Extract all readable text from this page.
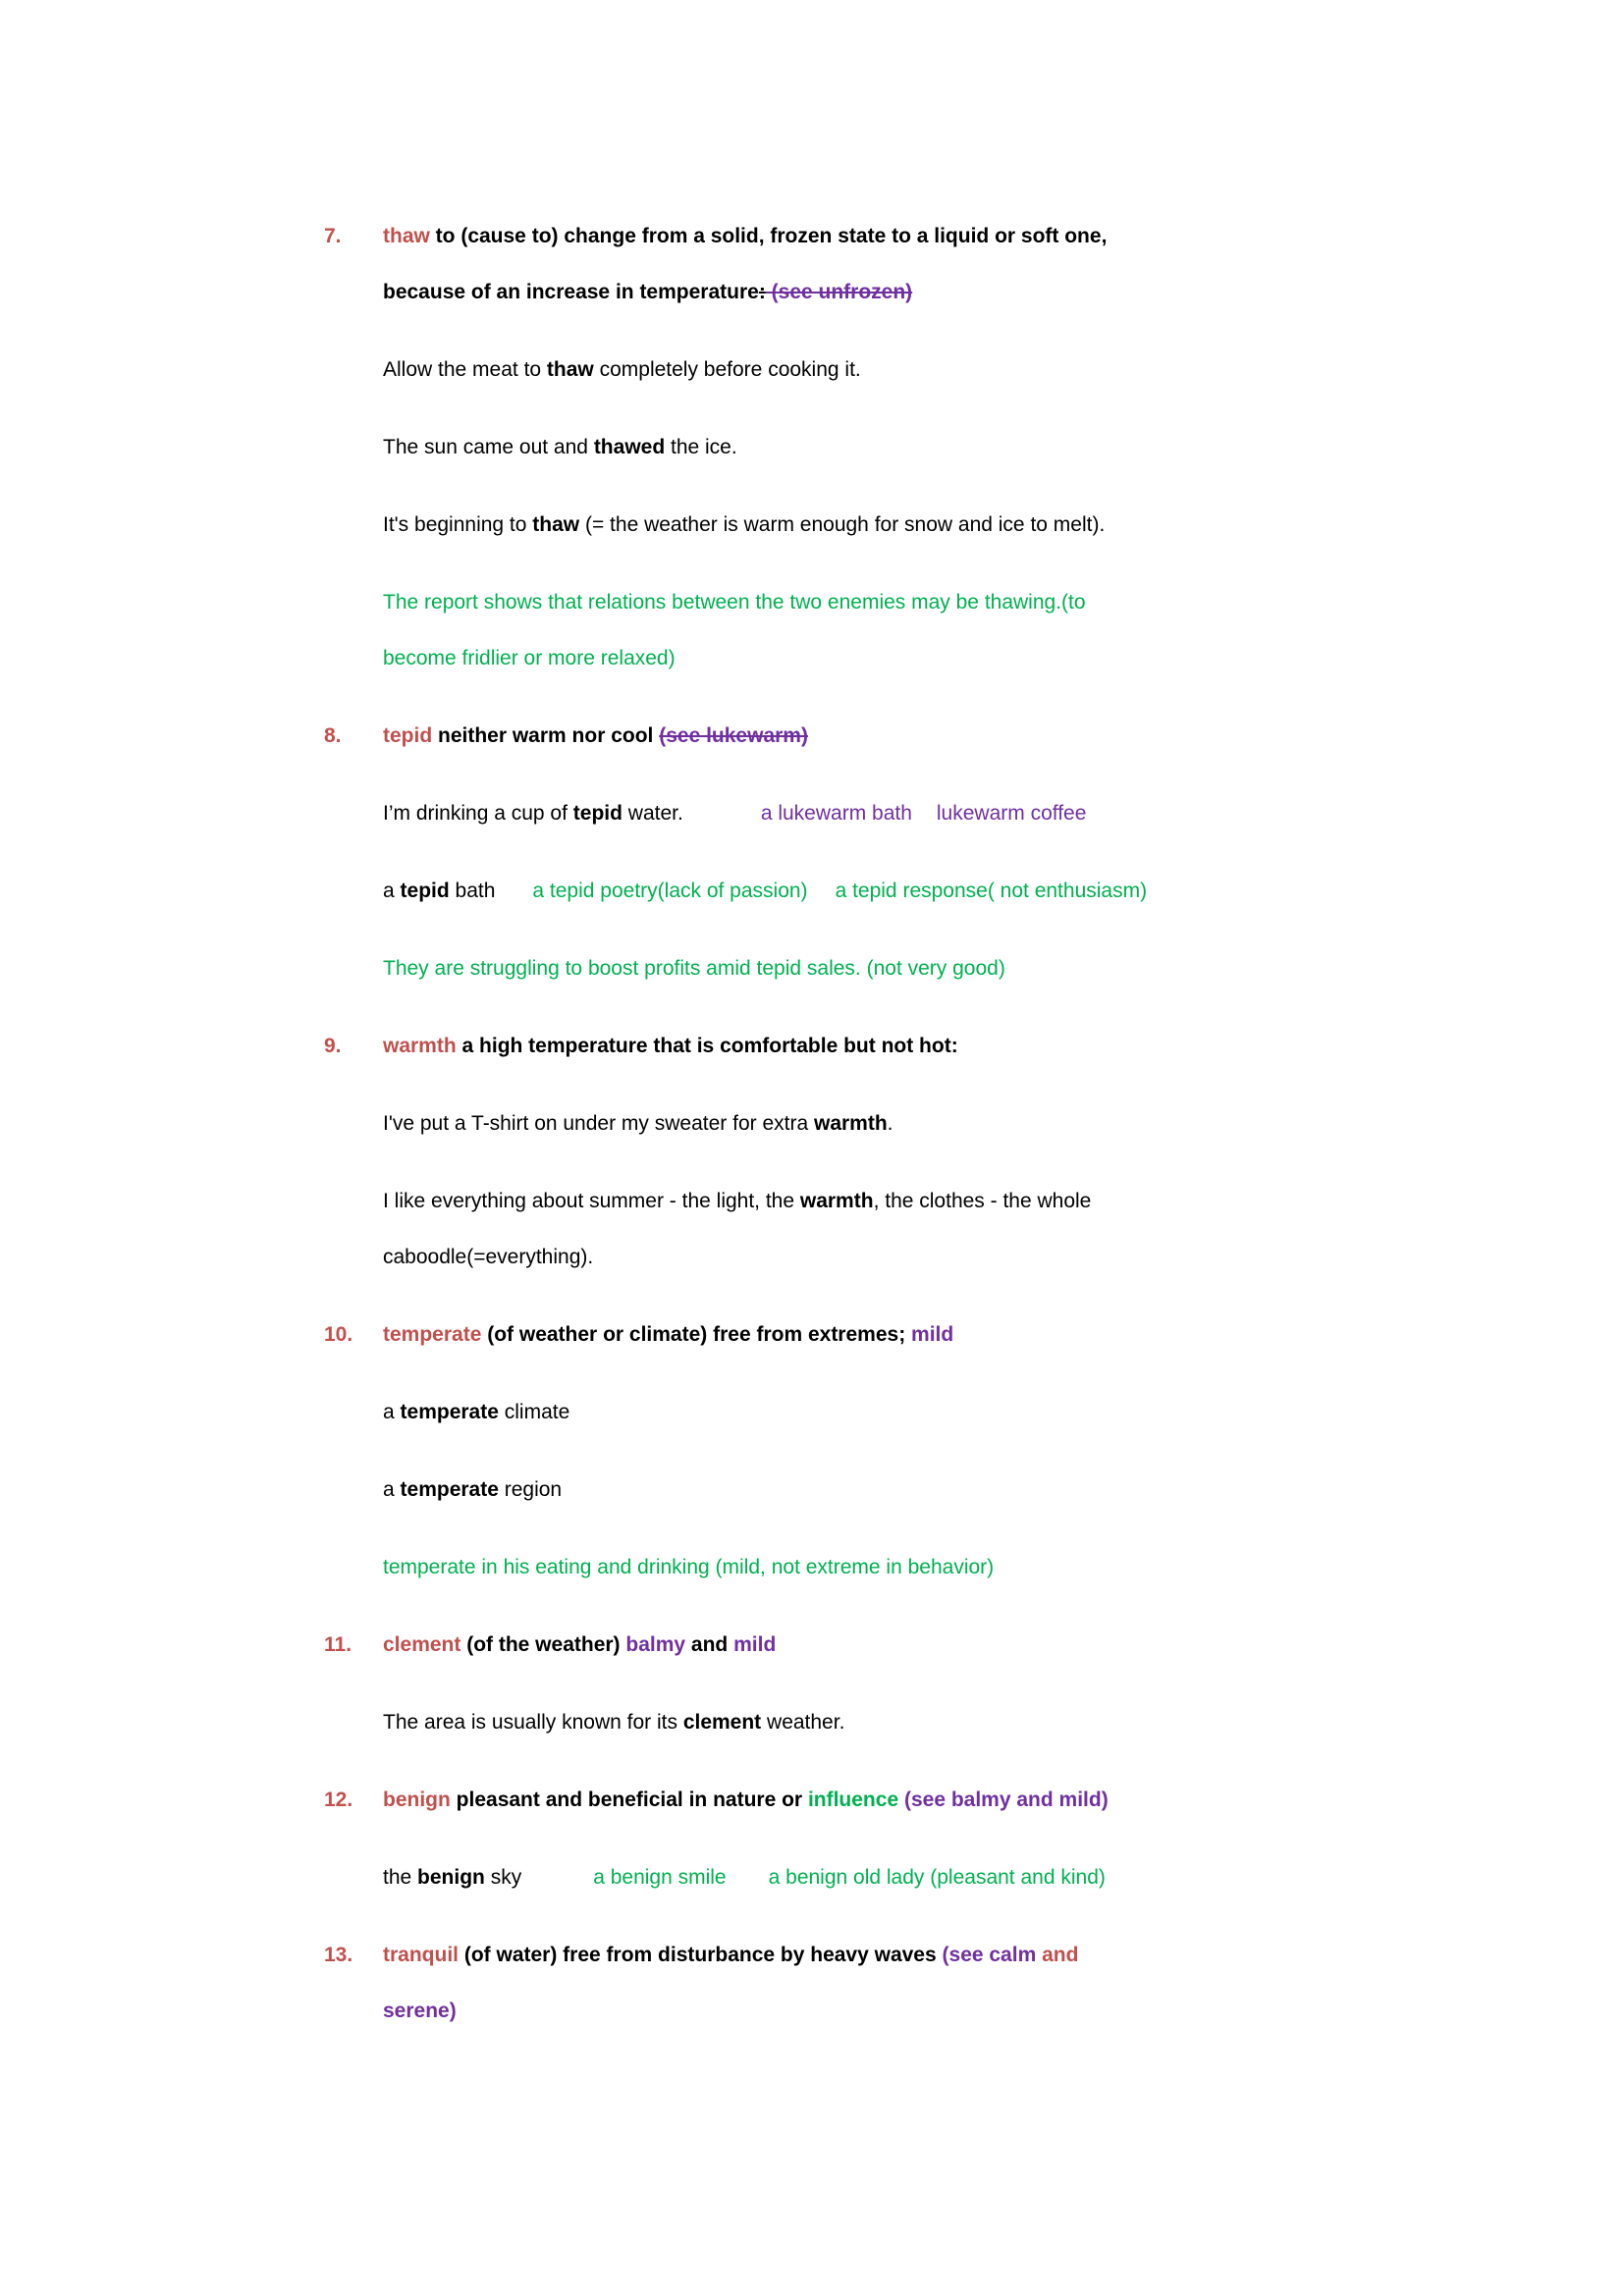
7. thaw to (cause to) change from a solid, frozen state to a liquid or soft one,
because of an increase in temperature: (see unfrozen)
Allow the meat to thaw completely before cooking it.
The sun came out and thawed the ice.
It's beginning to thaw (= the weather is warm enough for snow and ice to melt).
The report shows that relations between the two enemies may be thawing.(to
become fridlier or more relaxed)
8. tepid neither warm nor cool (see lukewarm)
I’m drinking a cup of tepid water.	a lukewarm bath lukewarm coffee
a tepid bath a tepid poetry(lack of passion) a tepid response( not enthusiasm)
They are struggling to boost profits amid tepid sales. (not very good)
9. warmth a high temperature that is comfortable but not hot:
I've put a T-shirt on under my sweater for extra warmth.
I like everything about summer - the light, the warmth, the clothes - the whole
caboodle(=everything).
10. temperate (of weather or climate) free from extremes; mild
a temperate climate
a temperate region
temperate in his eating and drinking (mild, not extreme in behavior)
11. clement (of the weather) balmy and mild
The area is usually known for its clement weather.
12. benign pleasant and beneficial in nature or influence (see balmy and mild)
the benign sky	a benign smile a benign old lady (pleasant and kind)
13. tranquil (of water) free from disturbance by heavy waves (see calm and
serene)
